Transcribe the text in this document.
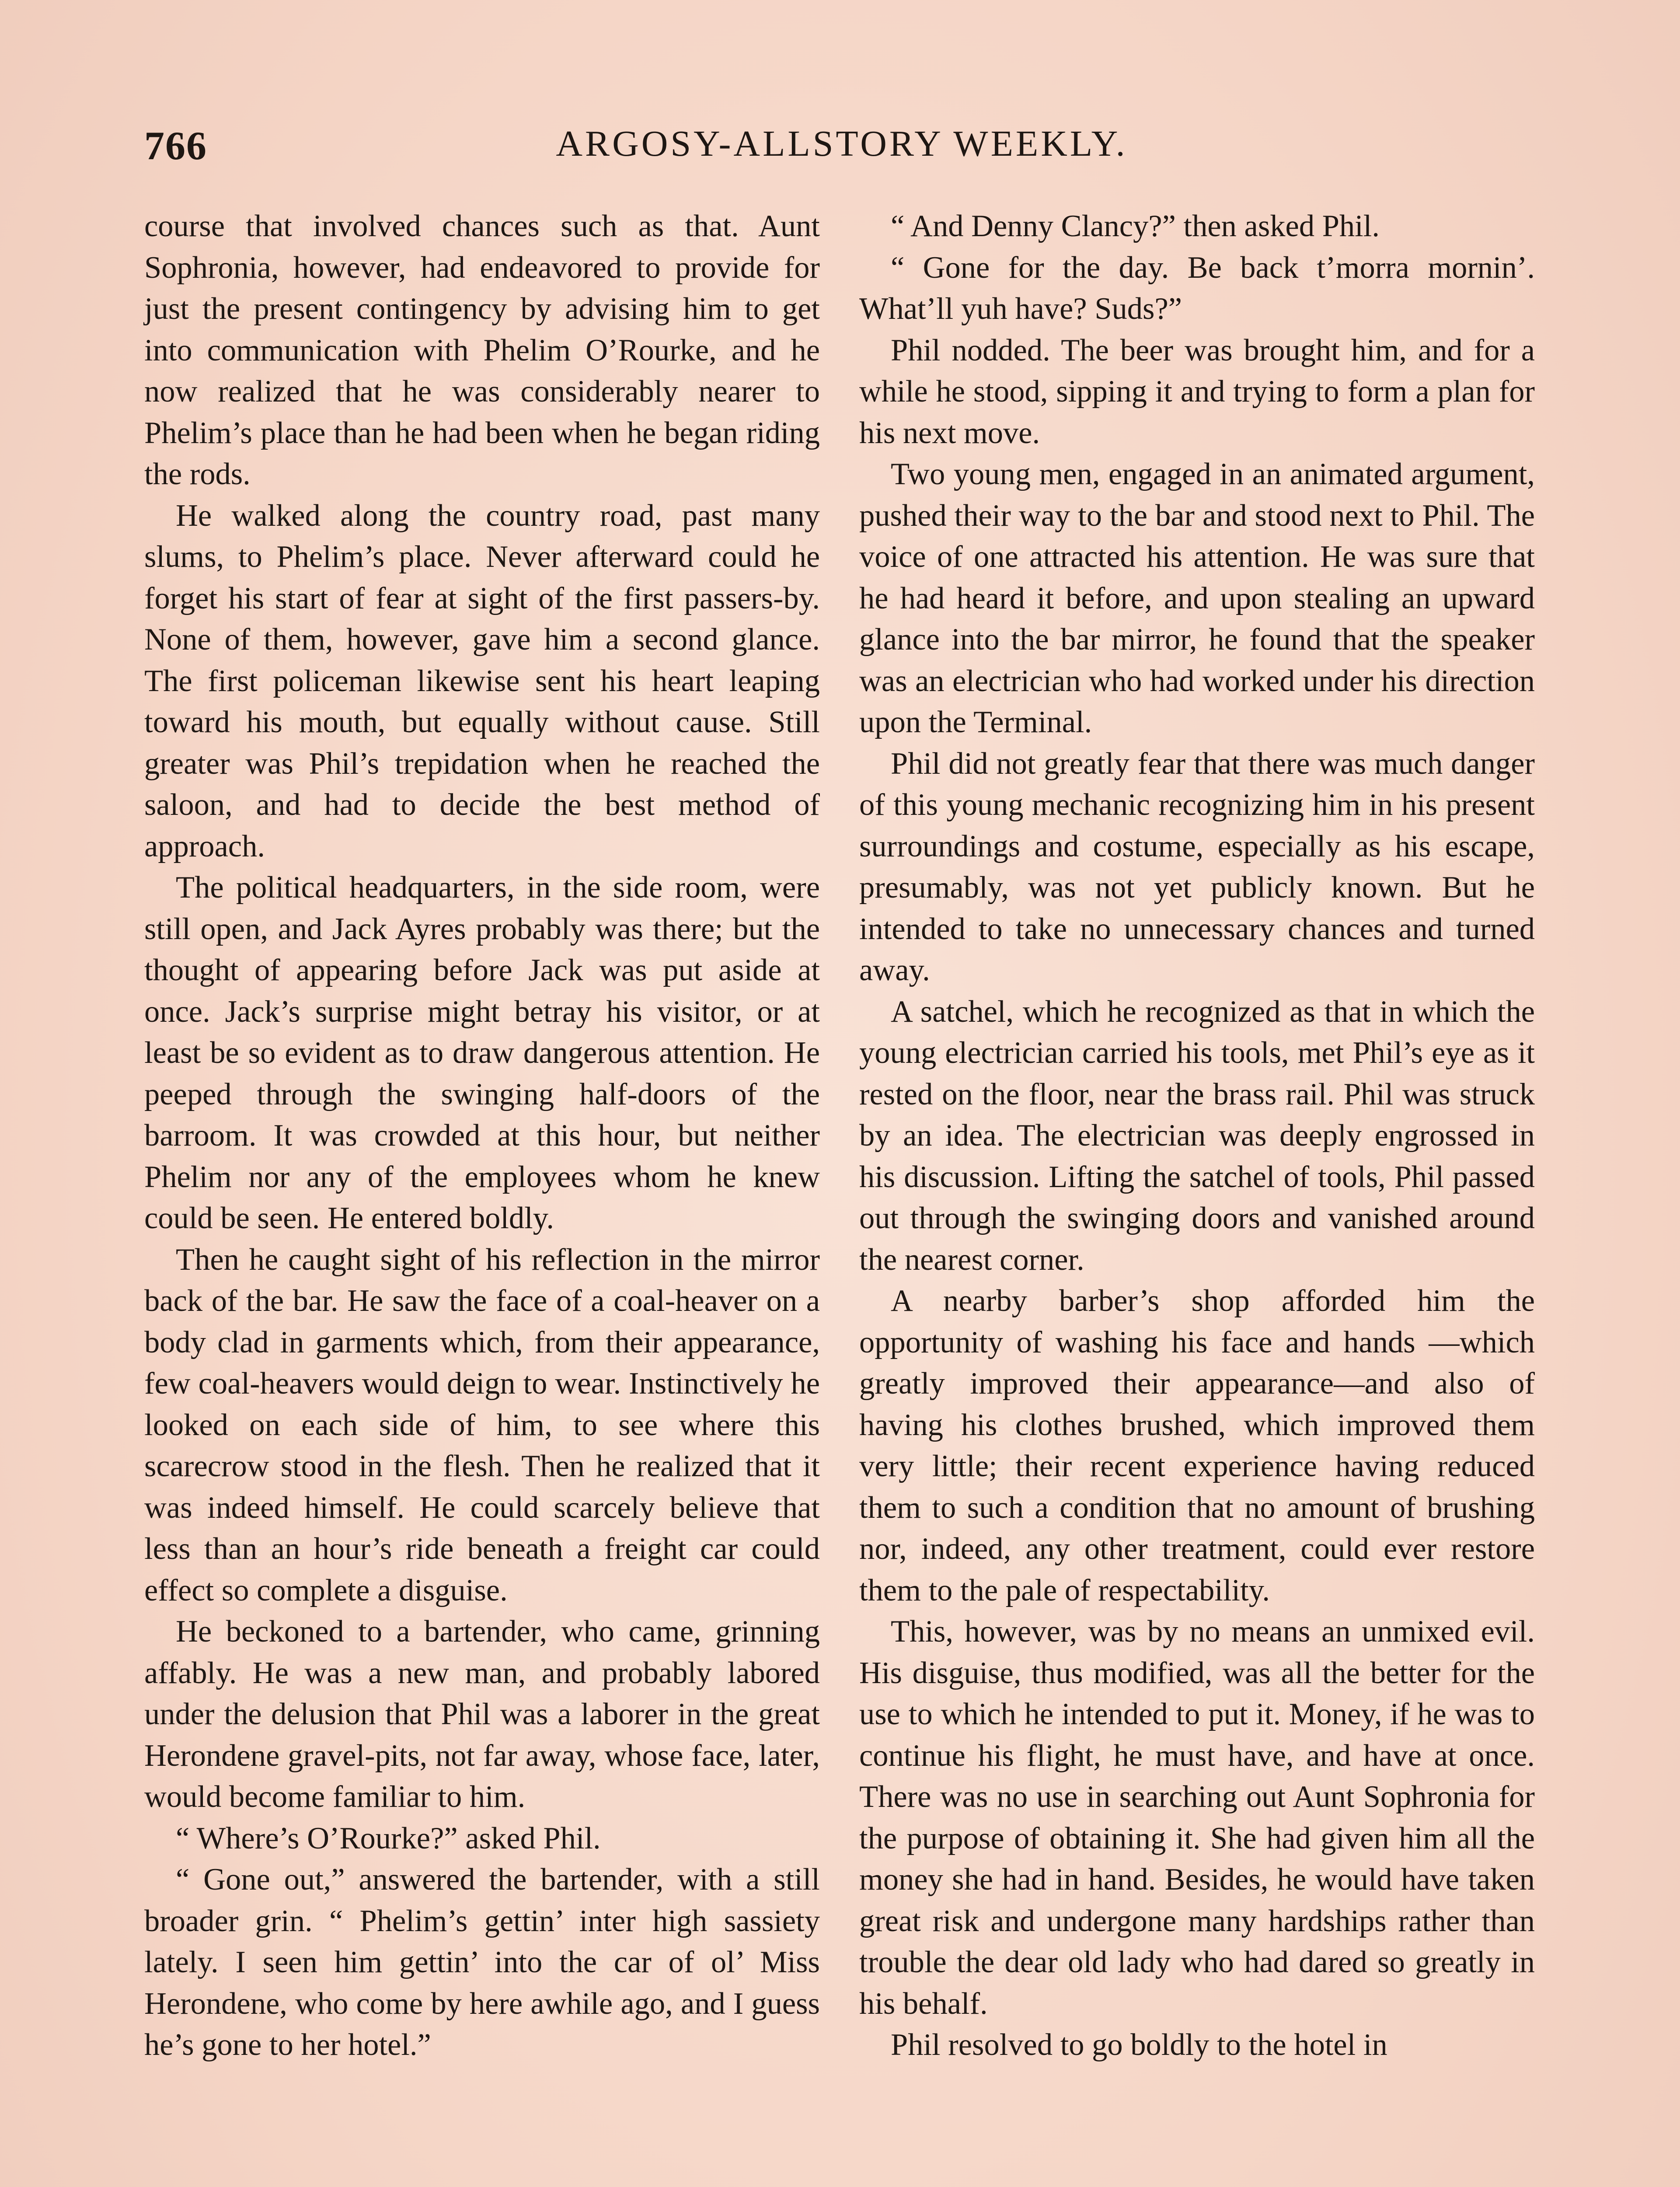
766	ARGOSY-ALLSTORY WEEKLY.

course that involved chances such as that. Aunt Sophronia, however, had endeavored to provide for just the present contingency by advising him to get into communication with Phelim O’Rourke, and he now realized that he was considerably nearer to Phelim’s place than he had been when he began riding the rods.

He walked along the country road, past many slums, to Phelim’s place. Never afterward could he forget his start of fear at sight of the first passers-by. None of them, however, gave him a second glance. The first policeman likewise sent his heart leaping toward his mouth, but equally without cause. Still greater was Phil’s trepidation when he reached the saloon, and had to decide the best method of approach.

The political headquarters, in the side room, were still open, and Jack Ayres probably was there; but the thought of appearing before Jack was put aside at once. Jack’s surprise might betray his visitor, or at least be so evident as to draw dangerous attention. He peeped through the swinging half-doors of the barroom. It was crowded at this hour, but neither Phelim nor any of the employees whom he knew could be seen. He entered boldly.

Then he caught sight of his reflection in the mirror back of the bar. He saw the face of a coal-heaver on a body clad in garments which, from their appearance, few coal-heavers would deign to wear. Instinctively he looked on each side of him, to see where this scarecrow stood in the flesh. Then he realized that it was indeed himself. He could scarcely believe that less than an hour’s ride beneath a freight car could effect so complete a disguise.

He beckoned to a bartender, who came, grinning affably. He was a new man, and probably labored under the delusion that Phil was a laborer in the great Herondene gravel-pits, not far away, whose face, later, would become familiar to him.

“ Where’s O’Rourke?” asked Phil.

“ Gone out,” answered the bartender, with a still broader grin. “ Phelim’s gettin’ inter high sassiety lately. I seen him gettin’ into the car of ol’ Miss Herondene, who come by here awhile ago, and I guess he’s gone to her hotel.”

“ And Denny Clancy?” then asked Phil.

“ Gone for the day. Be back t’morra mornin’. What’ll yuh have? Suds?”

Phil nodded. The beer was brought him, and for a while he stood, sipping it and trying to form a plan for his next move.

Two young men, engaged in an animated argument, pushed their way to the bar and stood next to Phil. The voice of one attracted his attention. He was sure that he had heard it before, and upon stealing an upward glance into the bar mirror, he found that the speaker was an electrician who had worked under his direction upon the Terminal.

Phil did not greatly fear that there was much danger of this young mechanic recognizing him in his present surroundings and costume, especially as his escape, presumably, was not yet publicly known. But he intended to take no unnecessary chances and turned away.

A satchel, which he recognized as that in which the young electrician carried his tools, met Phil’s eye as it rested on the floor, near the brass rail. Phil was struck by an idea. The electrician was deeply engrossed in his discussion. Lifting the satchel of tools, Phil passed out through the swinging doors and vanished around the nearest corner.

A nearby barber’s shop afforded him the opportunity of washing his face and hands —which greatly improved their appearance—and also of having his clothes brushed, which improved them very little; their recent experience having reduced them to such a condition that no amount of brushing nor, indeed, any other treatment, could ever restore them to the pale of respectability.

This, however, was by no means an unmixed evil. His disguise, thus modified, was all the better for the use to which he intended to put it. Money, if he was to continue his flight, he must have, and have at once. There was no use in searching out Aunt Sophronia for the purpose of obtaining it. She had given him all the money she had in hand. Besides, he would have taken great risk and undergone many hardships rather than trouble the dear old lady who had dared so greatly in his behalf.

Phil resolved to go boldly to the hotel in
